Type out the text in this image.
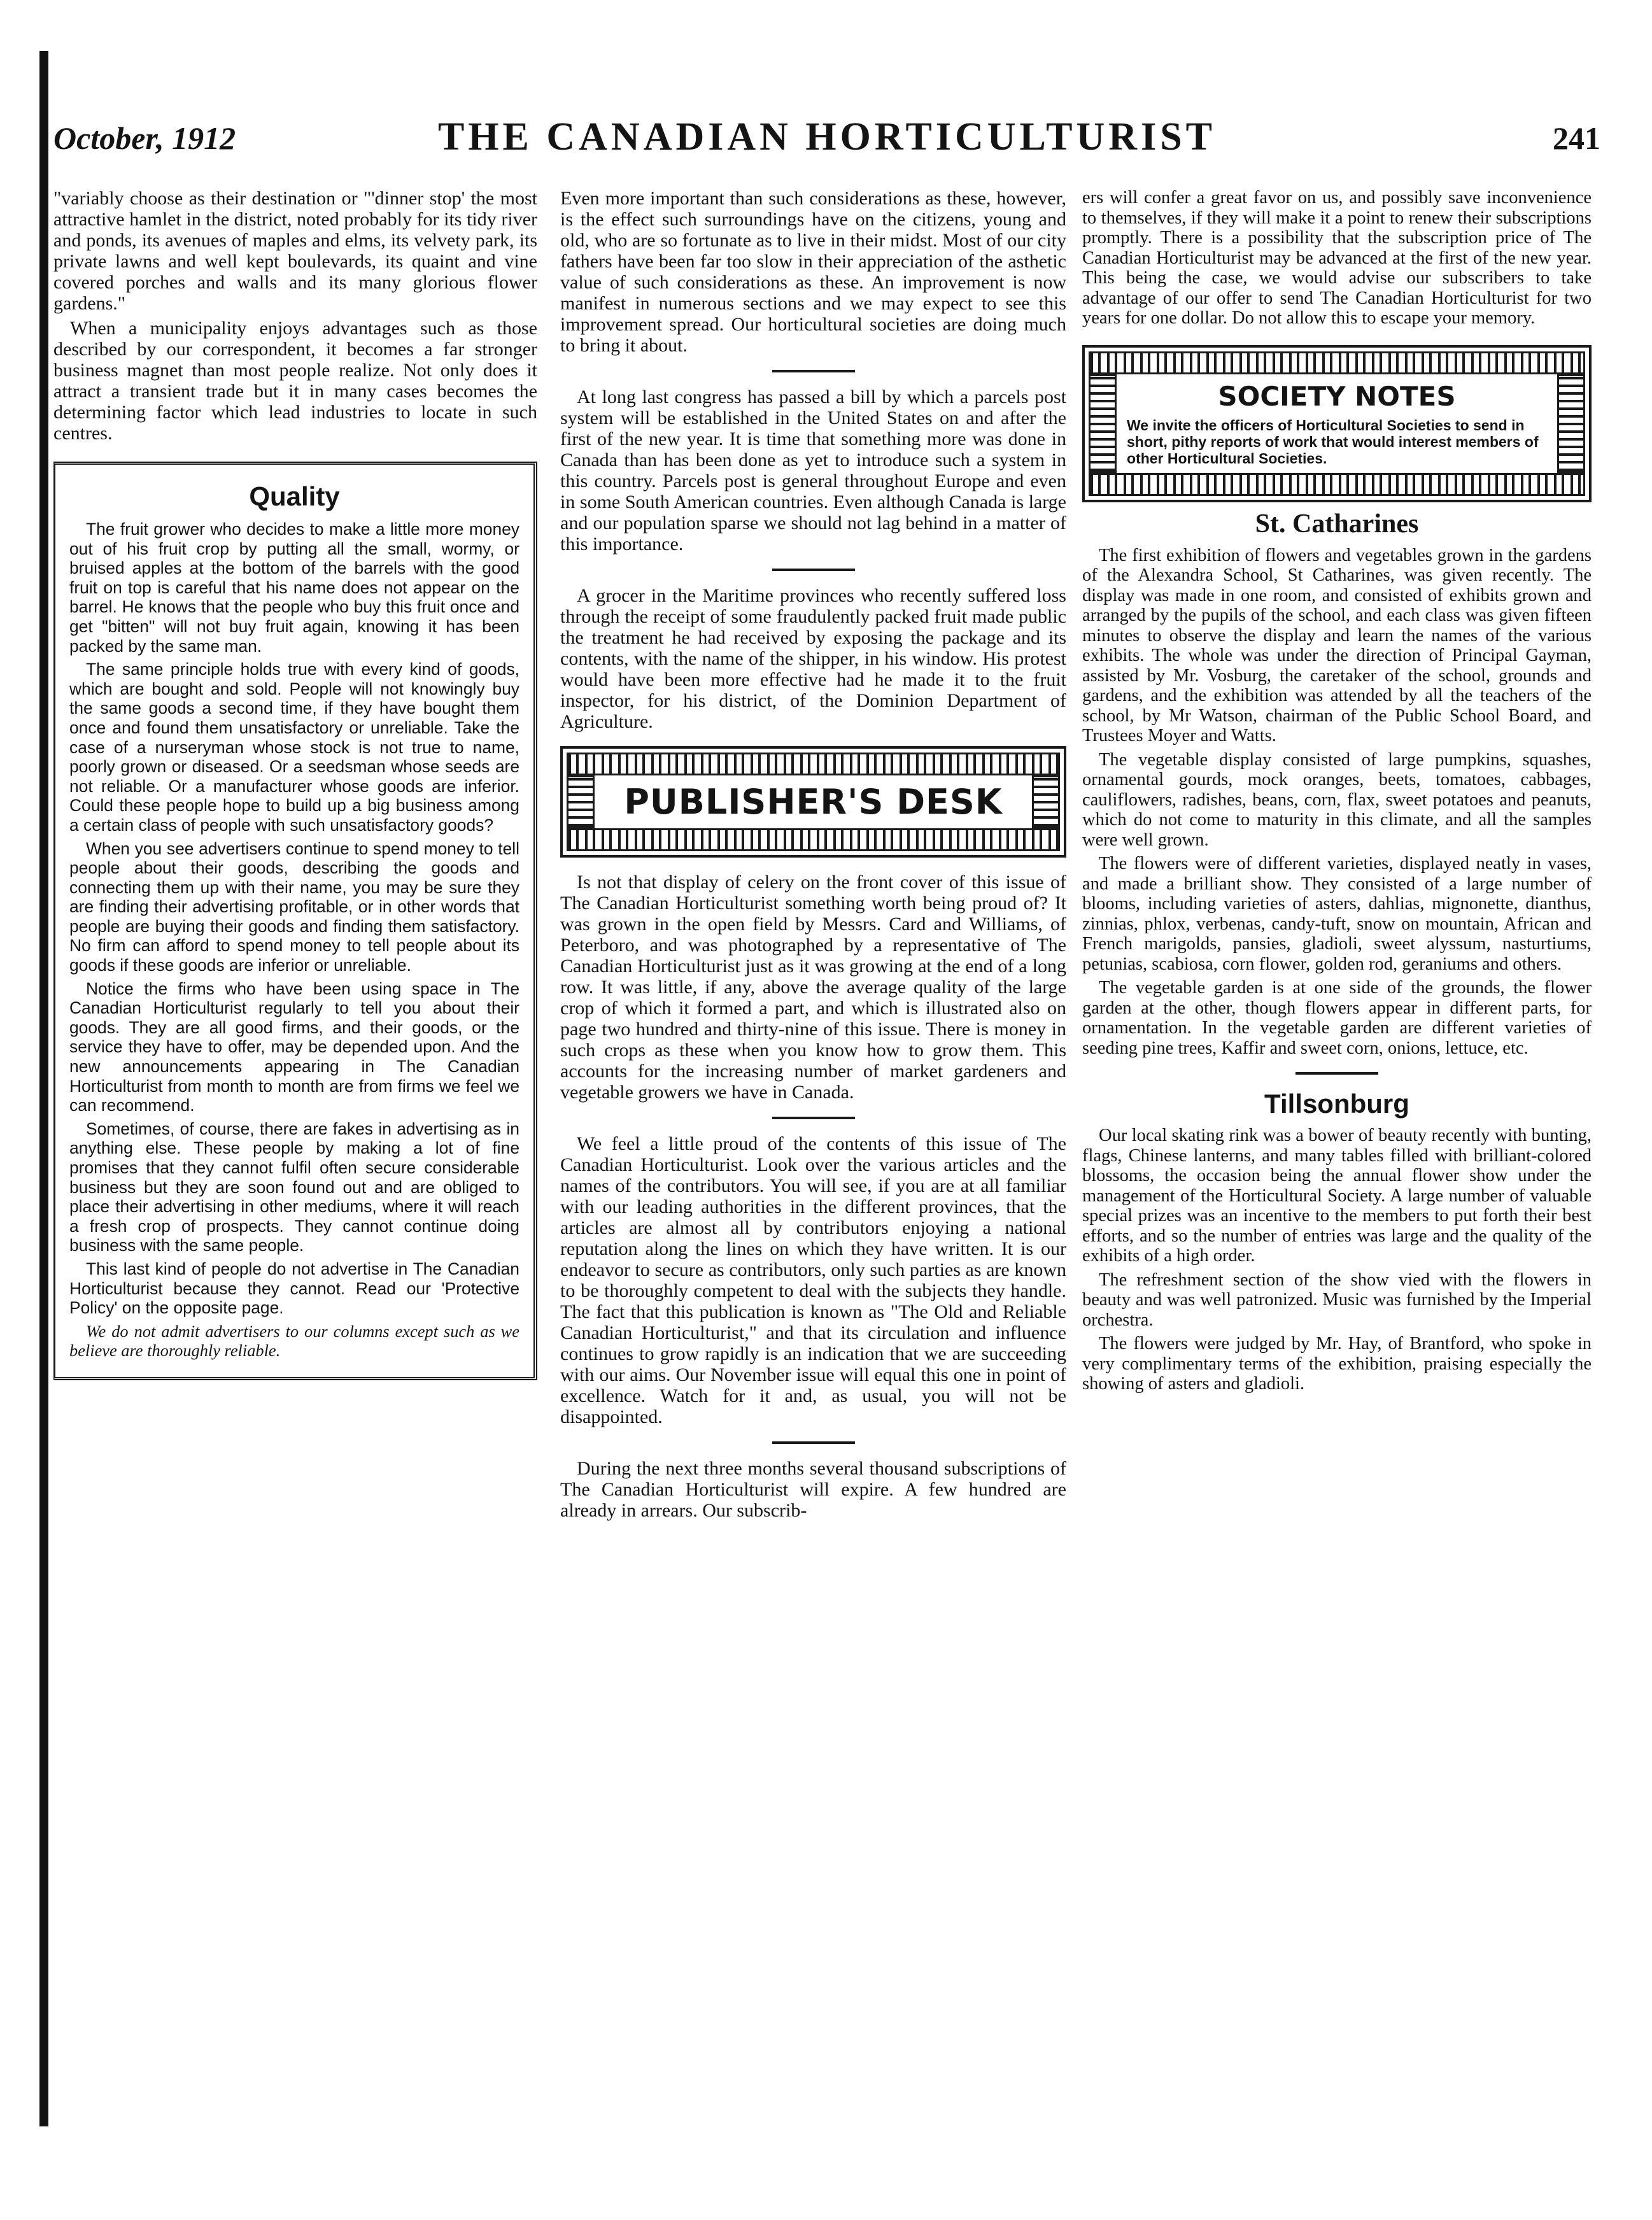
October, 1912	THE CANADIAN HORTICULTURIST	241

"variably choose as their destination or "'dinner stop' the most attractive hamlet in the district, noted probably for its tidy river and ponds, its avenues of maples and elms, its velvety park, its private lawns and well kept boulevards, its quaint and vine covered porches and walls and its many glorious flower gardens."

When a municipality enjoys advantages such as those described by our correspondent, it becomes a far stronger business magnet than most people realize. Not only does it attract a transient trade but it in many cases becomes the determining factor which lead industries to locate in such centres.

Quality

The fruit grower who decides to make a little more money out of his fruit crop by putting all the small, wormy, or bruised apples at the bottom of the barrels with the good fruit on top is careful that his name does not appear on the barrel. He knows that the people who buy this fruit once and get "bitten" will not buy fruit again, knowing it has been packed by the same man.

The same principle holds true with every kind of goods, which are bought and sold. People will not knowingly buy the same goods a second time, if they have bought them once and found them unsatisfactory or unreliable. Take the case of a nurseryman whose stock is not true to name, poorly grown or diseased. Or a seedsman whose seeds are not reliable. Or a manufacturer whose goods are inferior. Could these people hope to build up a big business among a certain class of people with such unsatisfactory goods?

When you see advertisers continue to spend money to tell people about their goods, describing the goods and connecting them up with their name, you may be sure they are finding their advertising profitable, or in other words that people are buying their goods and finding them satisfactory. No firm can afford to spend money to tell people about its goods if these goods are inferior or unreliable.

Notice the firms who have been using space in The Canadian Horticulturist regularly to tell you about their goods. They are all good firms, and their goods, or the service they have to offer, may be depended upon. And the new announcements appearing in The Canadian Horticulturist from month to month are from firms we feel we can recommend.

Sometimes, of course, there are fakes in advertising as in anything else. These people by making a lot of fine promises that they cannot fulfil often secure considerable business but they are soon found out and are obliged to place their advertising in other mediums, where it will reach a fresh crop of prospects. They cannot continue doing business with the same people.

This last kind of people do not advertise in The Canadian Horticulturist because they cannot. Read our 'Protective Policy' on the opposite page.

We do not admit advertisers to our columns except such as we believe are thoroughly reliable.

Even more important than such considerations as these, however, is the effect such surroundings have on the citizens, young and old, who are so fortunate as to live in their midst. Most of our city fathers have been far too slow in their appreciation of the asthetic value of such considerations as these. An improvement is now manifest in numerous sections and we may expect to see this improvement spread. Our horticultural societies are doing much to bring it about.

At long last congress has passed a bill by which a parcels post system will be established in the United States on and after the first of the new year. It is time that something more was done in Canada than has been done as yet to introduce such a system in this country. Parcels post is general throughout Europe and even in some South American countries. Even although Canada is large and our population sparse we should not lag behind in a matter of this importance.

A grocer in the Maritime provinces who recently suffered loss through the receipt of some fraudulently packed fruit made public the treatment he had received by exposing the package and its contents, with the name of the shipper, in his window. His protest would have been more effective had he made it to the fruit inspector, for his district, of the Dominion Department of Agriculture.

PUBLISHER'S DESK

Is not that display of celery on the front cover of this issue of The Canadian Horticulturist something worth being proud of? It was grown in the open field by Messrs. Card and Williams, of Peterboro, and was photographed by a representative of The Canadian Horticulturist just as it was growing at the end of a long row. It was little, if any, above the average quality of the large crop of which it formed a part, and which is illustrated also on page two hundred and thirty-nine of this issue. There is money in such crops as these when you know how to grow them. This accounts for the increasing number of market gardeners and vegetable growers we have in Canada.

We feel a little proud of the contents of this issue of The Canadian Horticulturist. Look over the various articles and the names of the contributors. You will see, if you are at all familiar with our leading authorities in the different provinces, that the articles are almost all by contributors enjoying a national reputation along the lines on which they have written. It is our endeavor to secure as contributors, only such parties as are known to be thoroughly competent to deal with the subjects they handle. The fact that this publication is known as "The Old and Reliable Canadian Horticulturist," and that its circulation and influence continues to grow rapidly is an indication that we are succeeding with our aims. Our November issue will equal this one in point of excellence. Watch for it and, as usual, you will not be disappointed.

During the next three months several thousand subscriptions of The Canadian Horticulturist will expire. A few hundred are already in arrears. Our subscrib-

ers will confer a great favor on us, and possibly save inconvenience to themselves, if they will make it a point to renew their subscriptions promptly. There is a possibility that the subscription price of The Canadian Horticulturist may be advanced at the first of the new year. This being the case, we would advise our subscribers to take advantage of our offer to send The Canadian Horticulturist for two years for one dollar. Do not allow this to escape your memory.

SOCIETY NOTES
We invite the officers of Horticultural Societies to send in short, pithy reports of work that would interest members of other Horticultural Societies.
St. Catharines

The first exhibition of flowers and vegetables grown in the gardens of the Alexandra School, St Catharines, was given recently. The display was made in one room, and consisted of exhibits grown and arranged by the pupils of the school, and each class was given fifteen minutes to observe the display and learn the names of the various exhibits. The whole was under the direction of Principal Gayman, assisted by Mr. Vosburg, the caretaker of the school, grounds and gardens, and the exhibition was attended by all the teachers of the school, by Mr Watson, chairman of the Public School Board, and Trustees Moyer and Watts.

The vegetable display consisted of large pumpkins, squashes, ornamental gourds, mock oranges, beets, tomatoes, cabbages, cauliflowers, radishes, beans, corn, flax, sweet potatoes and peanuts, which do not come to maturity in this climate, and all the samples were well grown.

The flowers were of different varieties, displayed neatly in vases, and made a brilliant show. They consisted of a large number of blooms, including varieties of asters, dahlias, mignonette, dianthus, zinnias, phlox, verbenas, candy-tuft, snow on mountain, African and French marigolds, pansies, gladioli, sweet alyssum, nasturtiums, petunias, scabiosa, corn flower, golden rod, geraniums and others.

The vegetable garden is at one side of the grounds, the flower garden at the other, though flowers appear in different parts, for ornamentation. In the vegetable garden are different varieties of seeding pine trees, Kaffir and sweet corn, onions, lettuce, etc.

Tillsonburg

Our local skating rink was a bower of beauty recently with bunting, flags, Chinese lanterns, and many tables filled with brilliant-colored blossoms, the occasion being the annual flower show under the management of the Horticultural Society. A large number of valuable special prizes was an incentive to the members to put forth their best efforts, and so the number of entries was large and the quality of the exhibits of a high order.

The refreshment section of the show vied with the flowers in beauty and was well patronized. Music was furnished by the Imperial orchestra.

The flowers were judged by Mr. Hay, of Brantford, who spoke in very complimentary terms of the exhibition, praising especially the showing of asters and gladioli.
